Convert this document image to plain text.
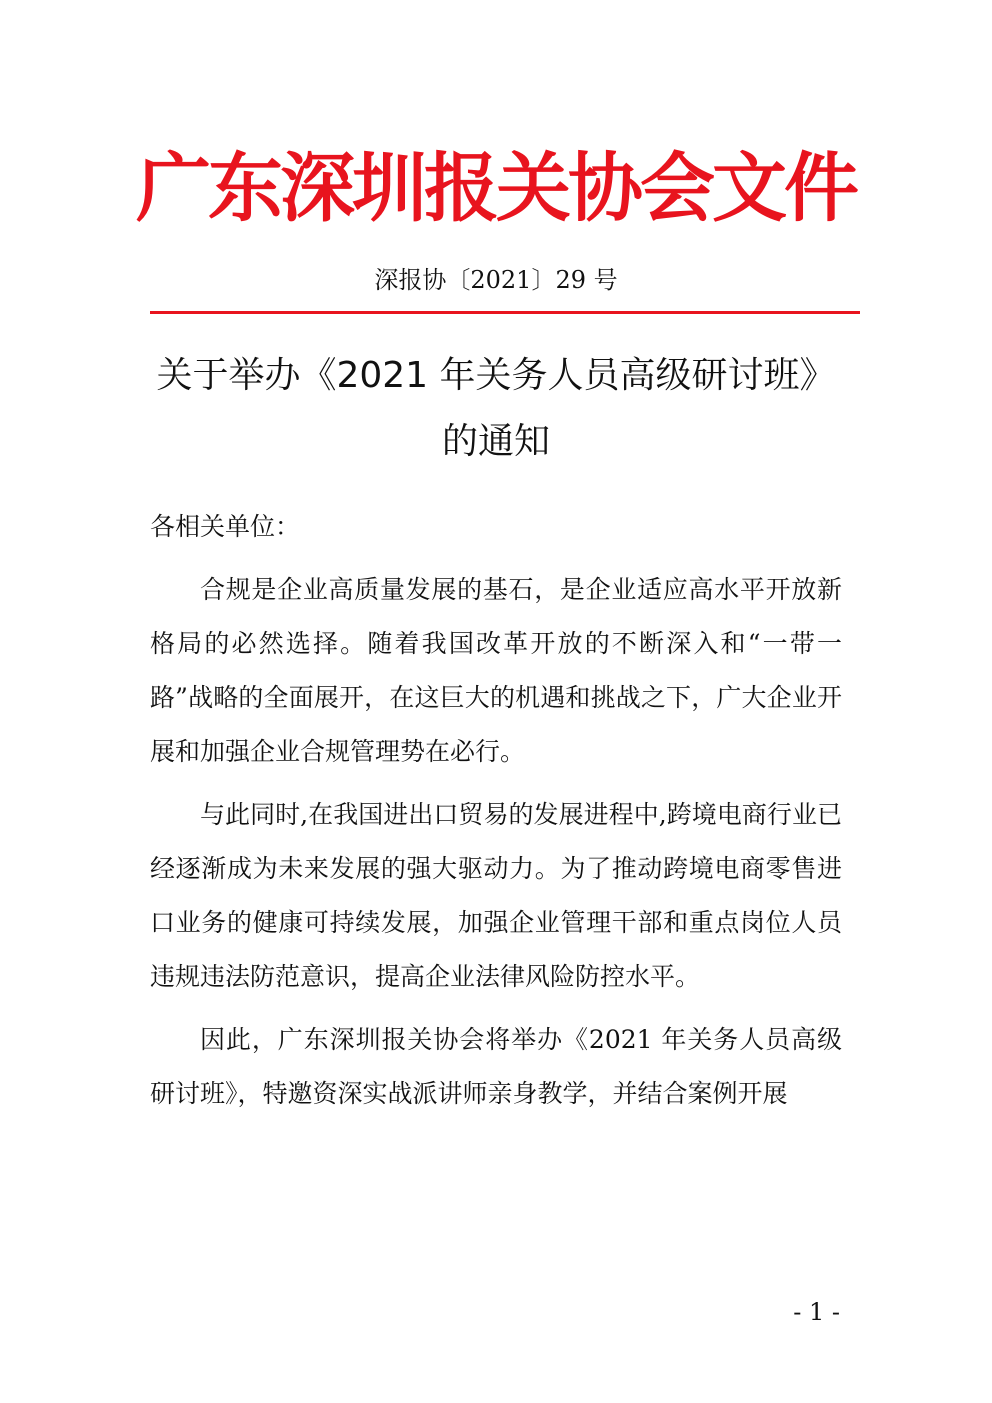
广东深圳报关协会文件
深报协〔2021〕29 号
关于举办《2021 年关务人员高级研讨班》
的通知
各相关单位：
合规是企业高质量发展的基石，是企业适应高水平开放新格局的必然选择。随着我国改革开放的不断深入和“一带一路”战略的全面展开，在这巨大的机遇和挑战之下，广大企业开展和加强企业合规管理势在必行。
与此同时,在我国进出口贸易的发展进程中,跨境电商行业已经逐渐成为未来发展的强大驱动力。为了推动跨境电商零售进口业务的健康可持续发展，加强企业管理干部和重点岗位人员违规违法防范意识，提高企业法律风险防控水平。
因此，广东深圳报关协会将举办《2021 年关务人员高级研讨班》，特邀资深实战派讲师亲身教学，并结合案例开展
- 1 -
